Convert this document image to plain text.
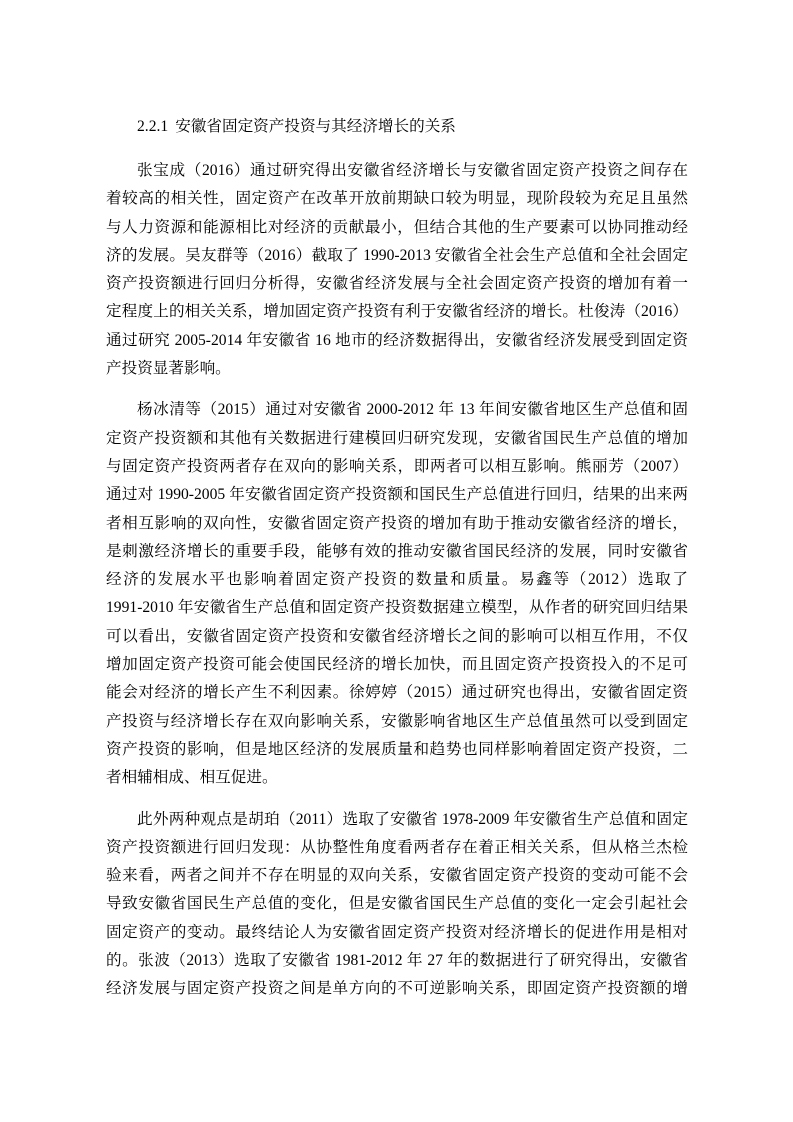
2.2.1 安徽省固定资产投资与其经济增长的关系
张宝成（2016）通过研究得出安徽省经济增长与安徽省固定资产投资之间存在
着较高的相关性，固定资产在改革开放前期缺口较为明显，现阶段较为充足且虽然
与人力资源和能源相比对经济的贡献最小，但结合其他的生产要素可以协同推动经
济的发展。吴友群等（2016）截取了 1990-2013 安徽省全社会生产总值和全社会固定
资产投资额进行回归分析得，安徽省经济发展与全社会固定资产投资的增加有着一
定程度上的相关关系，增加固定资产投资有利于安徽省经济的增长。杜俊涛（2016）
通过研究 2005-2014 年安徽省 16 地市的经济数据得出，安徽省经济发展受到固定资
产投资显著影响。
杨冰清等（2015）通过对安徽省 2000-2012 年 13 年间安徽省地区生产总值和固
定资产投资额和其他有关数据进行建模回归研究发现，安徽省国民生产总值的增加
与固定资产投资两者存在双向的影响关系，即两者可以相互影响。熊丽芳（2007）
通过对 1990-2005 年安徽省固定资产投资额和国民生产总值进行回归，结果的出来两
者相互影响的双向性，安徽省固定资产投资的增加有助于推动安徽省经济的增长，
是刺激经济增长的重要手段，能够有效的推动安徽省国民经济的发展，同时安徽省
经济的发展水平也影响着固定资产投资的数量和质量。易鑫等（2012）选取了
1991-2010 年安徽省生产总值和固定资产投资数据建立模型，从作者的研究回归结果
可以看出，安徽省固定资产投资和安徽省经济增长之间的影响可以相互作用，不仅
增加固定资产投资可能会使国民经济的增长加快，而且固定资产投资投入的不足可
能会对经济的增长产生不利因素。徐婷婷（2015）通过研究也得出，安徽省固定资
产投资与经济增长存在双向影响关系，安徽影响省地区生产总值虽然可以受到固定
资产投资的影响，但是地区经济的发展质量和趋势也同样影响着固定资产投资，二
者相辅相成、相互促进。
此外两种观点是胡珀（2011）选取了安徽省 1978-2009 年安徽省生产总值和固定
资产投资额进行回归发现：从协整性角度看两者存在着正相关关系，但从格兰杰检
验来看，两者之间并不存在明显的双向关系，安徽省固定资产投资的变动可能不会
导致安徽省国民生产总值的变化，但是安徽省国民生产总值的变化一定会引起社会
固定资产的变动。最终结论人为安徽省固定资产投资对经济增长的促进作用是相对
的。张波（2013）选取了安徽省 1981-2012 年 27 年的数据进行了研究得出，安徽省
经济发展与固定资产投资之间是单方向的不可逆影响关系，即固定资产投资额的增
